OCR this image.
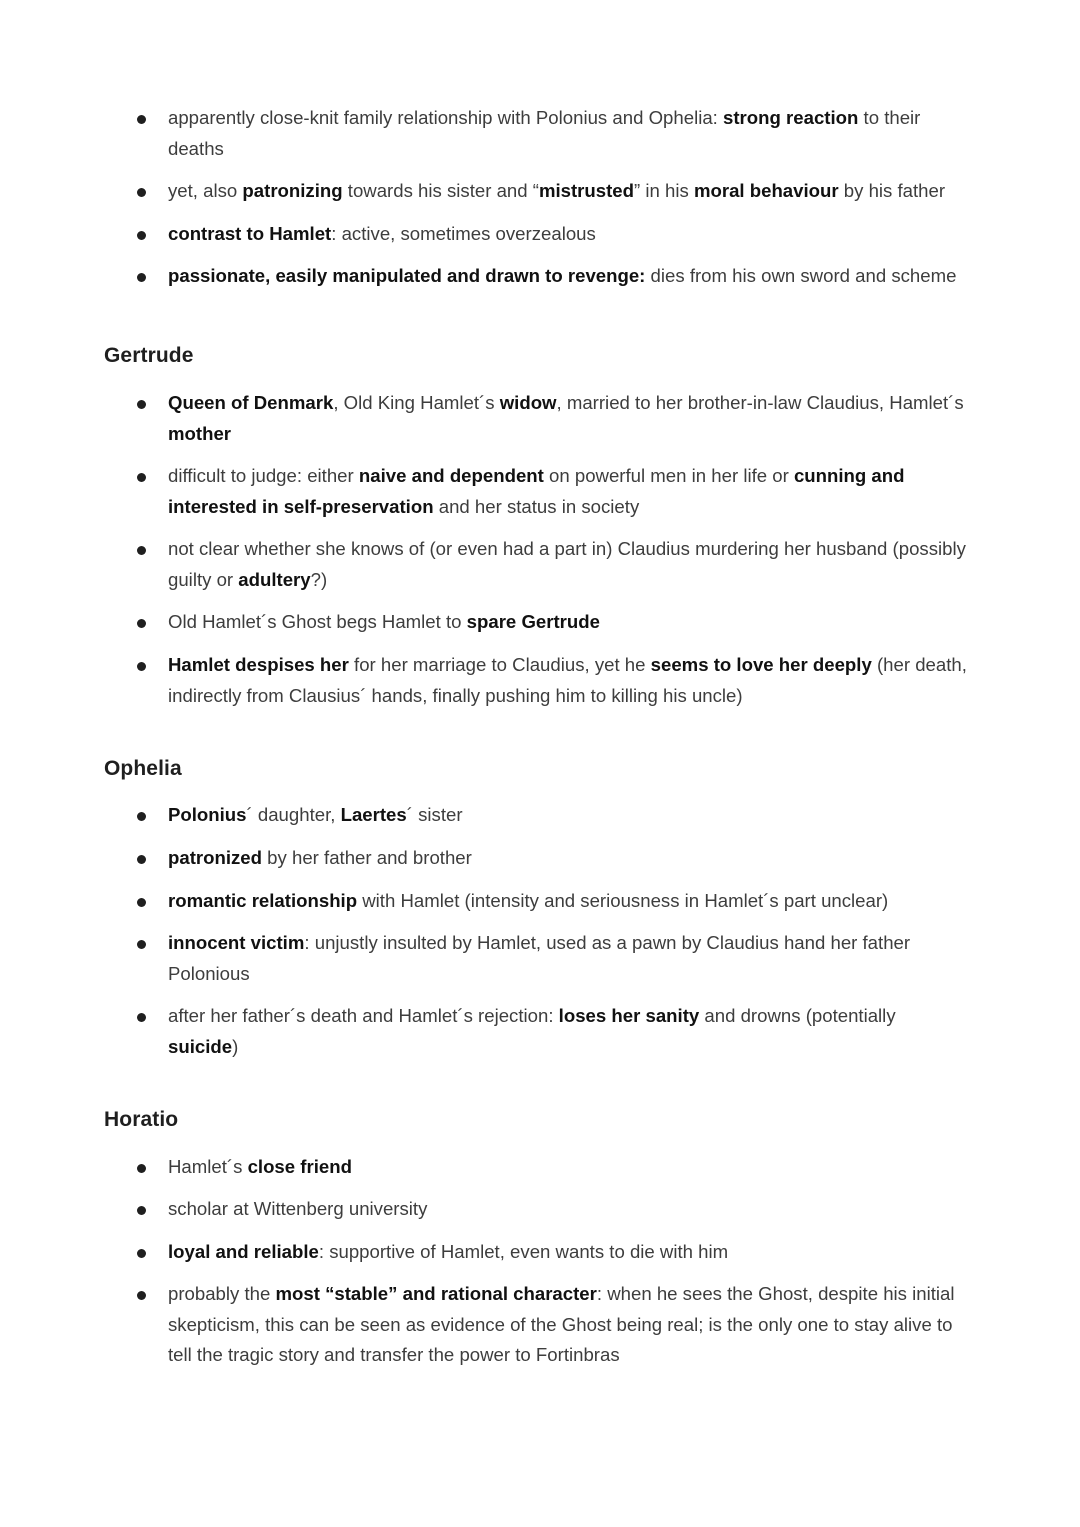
apparently close-knit family relationship with Polonius and Ophelia: strong reaction to their deaths
yet, also patronizing towards his sister and “mistrusted” in his moral behaviour by his father
contrast to Hamlet: active, sometimes overzealous
passionate, easily manipulated and drawn to revenge: dies from his own sword and scheme
Gertrude
Queen of Denmark, Old King Hamlet´s widow, married to her brother-in-law Claudius, Hamlet´s mother
difficult to judge: either naive and dependent on powerful men in her life or cunning and interested in self-preservation and her status in society
not clear whether she knows of (or even had a part in) Claudius murdering her husband (possibly guilty or adultery?)
Old Hamlet´s Ghost begs Hamlet to spare Gertrude
Hamlet despises her for her marriage to Claudius, yet he seems to love her deeply (her death, indirectly from Clausius´ hands, finally pushing him to killing his uncle)
Ophelia
Polonius´ daughter, Laertes´ sister
patronized by her father and brother
romantic relationship with Hamlet (intensity and seriousness in Hamlet´s part unclear)
innocent victim: unjustly insulted by Hamlet, used as a pawn by Claudius hand her father Polonious
after her father´s death and Hamlet´s rejection: loses her sanity and drowns (potentially suicide)
Horatio
Hamlet´s close friend
scholar at Wittenberg university
loyal and reliable: supportive of Hamlet, even wants to die with him
probably the most “stable” and rational character: when he sees the Ghost, despite his initial skepticism, this can be seen as evidence of the Ghost being real; is the only one to stay alive to tell the tragic story and transfer the power to Fortinbras
